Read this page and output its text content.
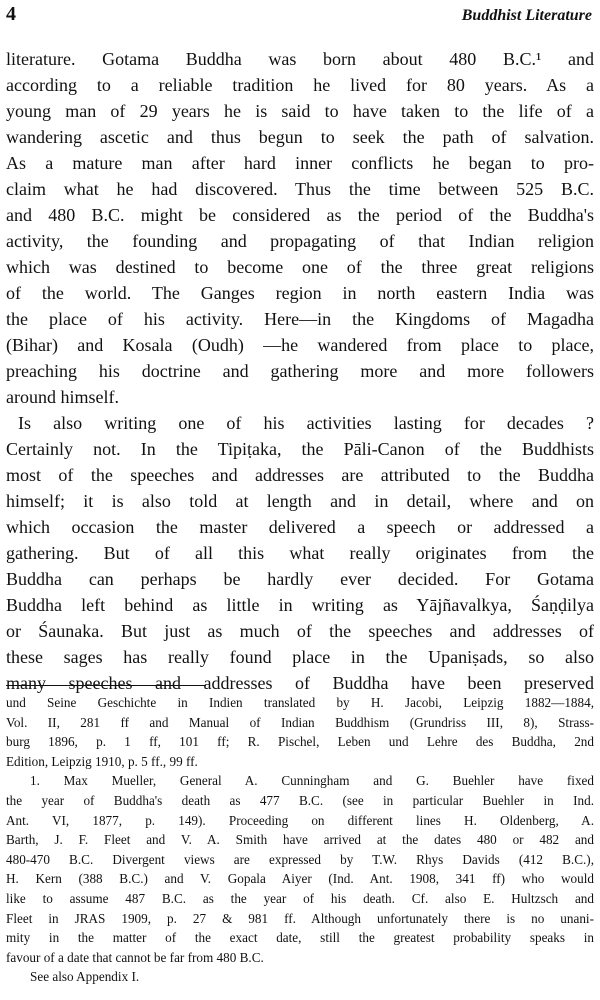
4	Buddhist Literature
literature. Gotama Buddha was born about 480 B.C.¹ and
according to a reliable tradition he lived for 80 years. As a
young man of 29 years he is said to have taken to the life of a
wandering ascetic and thus begun to seek the path of salvation.
As a mature man after hard inner conflicts he began to pro-
claim what he had discovered. Thus the time between 525 B.C.
and 480 B.C. might be considered as the period of the Buddha's
activity, the founding and propagating of that Indian religion
which was destined to become one of the three great religions
of the world. The Ganges region in north eastern India was
the place of his activity. Here—in the Kingdoms of Magadha
(Bihar) and Kosala (Oudh) —he wandered from place to place,
preaching his doctrine and gathering more and more followers
around himself.
Is also writing one of his activities lasting for decades ?
Certainly not. In the Tipiṭaka, the Pāli-Canon of the Buddhists
most of the speeches and addresses are attributed to the Buddha
himself; it is also told at length and in detail, where and on
which occasion the master delivered a speech or addressed a
gathering. But of all this what really originates from the
Buddha can perhaps be hardly ever decided. For Gotama
Buddha left behind as little in writing as Yājñavalkya, Śaṇḍilya
or Śaunaka. But just as much of the speeches and addresses of
these sages has really found place in the Upaniṣads, so also
many speeches and addresses of Buddha have been preserved
und Seine Geschichte in Indien translated by H. Jacobi, Leipzig 1882—1884,
Vol. II, 281 ff and Manual of Indian Buddhism (Grundriss III, 8), Strass-
burg 1896, p. 1 ff, 101 ff; R. Pischel, Leben und Lehre des Buddha, 2nd
Edition, Leipzig 1910, p. 5 ff., 99 ff.
1. Max Mueller, General A. Cunningham and G. Buehler have fixed
the year of Buddha's death as 477 B.C. (see in particular Buehler in Ind.
Ant. VI, 1877, p. 149). Proceeding on different lines H. Oldenberg, A.
Barth, J. F. Fleet and V. A. Smith have arrived at the dates 480 or 482 and
480-470 B.C. Divergent views are expressed by T.W. Rhys Davids (412 B.C.),
H. Kern (388 B.C.) and V. Gopala Aiyer (Ind. Ant. 1908, 341 ff) who would
like to assume 487 B.C. as the year of his death. Cf. also E. Hultzsch and
Fleet in JRAS 1909, p. 27 & 981 ff. Although unfortunately there is no unani-
mity in the matter of the exact date, still the greatest probability speaks in
favour of a date that cannot be far from 480 B.C.
See also Appendix I.
